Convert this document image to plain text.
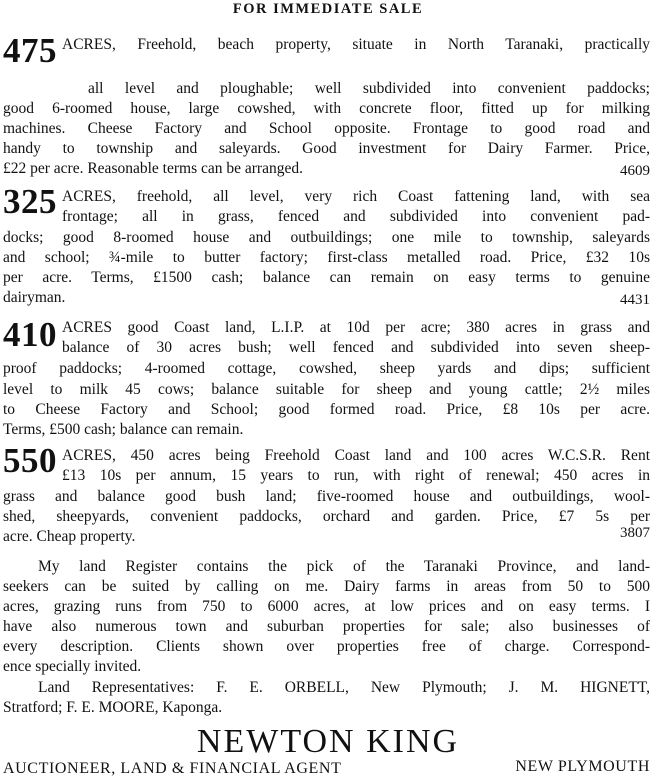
FOR IMMEDIATE SALE
475 ACRES, Freehold, beach property, situate in North Taranaki, practically
all level and ploughable; well subdivided into convenient paddocks;
good 6-roomed house, large cowshed, with concrete floor, fitted up for milking
machines. Cheese Factory and School opposite. Frontage to good road and
handy to township and saleyards. Good investment for Dairy Farmer. Price,
£22 per acre. Reasonable terms can be arranged.	4609
325 ACRES, freehold, all level, very rich Coast fattening land, with sea
frontage; all in grass, fenced and subdivided into convenient pad-
docks; good 8-roomed house and outbuildings; one mile to township, saleyards
and school; ¾-mile to butter factory; first-class metalled road. Price, £32 10s
per acre. Terms, £1500 cash; balance can remain on easy terms to genuine
dairyman.	4431
410 ACRES good Coast land, L.I.P. at 10d per acre; 380 acres in grass and
balance of 30 acres bush; well fenced and subdivided into seven sheep-
proof paddocks; 4-roomed cottage, cowshed, sheep yards and dips; sufficient
level to milk 45 cows; balance suitable for sheep and young cattle; 2½ miles
to Cheese Factory and School; good formed road. Price, £8 10s per acre.
Terms, £500 cash; balance can remain.
550 ACRES, 450 acres being Freehold Coast land and 100 acres W.C.S.R. Rent
£13 10s per annum, 15 years to run, with right of renewal; 450 acres in
grass and balance good bush land; five-roomed house and outbuildings, wool-
shed, sheepyards, convenient paddocks, orchard and garden. Price, £7 5s per
acre. Cheap property.	3807
My land Register contains the pick of the Taranaki Province, and land-
seekers can be suited by calling on me. Dairy farms in areas from 50 to 500
acres, grazing runs from 750 to 6000 acres, at low prices and on easy terms. I
have also numerous town and suburban properties for sale; also businesses of
every description. Clients shown over properties free of charge. Correspond-
ence specially invited.
Land Representatives: F. E. ORBELL, New Plymouth; J. M. HIGNETT,
Stratford; F. E. MOORE, Kaponga.
NEWTON KING
AUCTIONEER, LAND & FINANCIAL AGENT	NEW PLYMOUTH
